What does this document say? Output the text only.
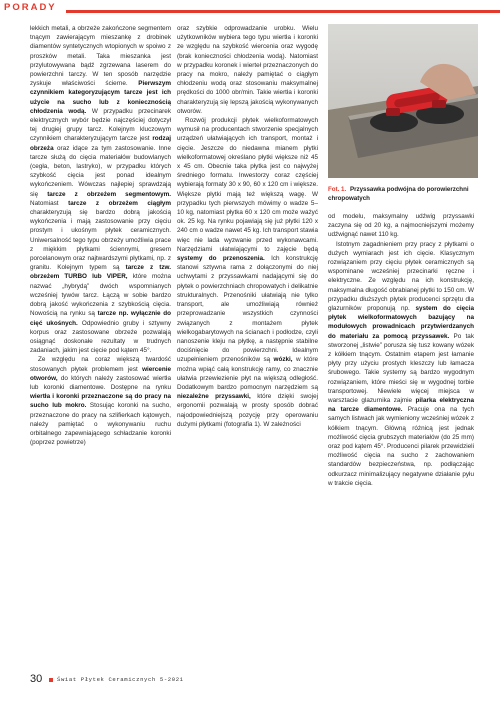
PORADY

lekkich metali, a obrzeże zakończone segmentem tnącym zawierającym mieszankę z drobinek diamentów syntetycznych wtopionych w spoiwo z proszków metali. Taka mieszanka jest przylutowywana bądź zgrzewana laserem do powierzchni tarczy. W ten sposób narzędzie zyskuje właściwości ścierne. Pierwszym czynnikiem kategoryzującym tarcze jest ich użycie na sucho lub z koniecznością chłodzenia wodą. W przypadku przecinarek elektrycznych wybór będzie najczęściej dotyczył tej drugiej grupy tarcz. Kolejnym kluczowym czynnikiem charakteryzującym tarcze jest rodzaj obrzeża oraz idące za tym zastosowanie. Inne tarcze służą do cięcia materiałów budowlanych (cegła, beton, lastryko), w przypadku których szybkość cięcia jest ponad idealnym wykończeniem. Wówczas najlepiej sprawdzają się tarcze z obrzeżem segmentowym. Natomiast tarcze z obrzeżem ciągłym charakteryzują się bardzo dobrą jakością wykończenia i mają zastosowanie przy cięciu prostym i ukośnym płytek ceramicznych. Uniwersalność tego typu obrzeży umożliwia prace z miękkim płytkami ściennymi, gresem porcelanowym oraz najtwardszymi płytkami, np. z granitu. Kolejnym typem są tarcze z tzw. obrzeżem TURBO lub VIPER, które można nazwać „hybrydą” dwóch wspomnianych wcześniej tywów tarcz. Łączą w sobie bardzo dobrą jakość wykończenia z szybkością cięcia. Nowością na rynku są tarcze np. wyłącznie do cięć ukośnych. Odpowiednio gruby i sztywny korpus oraz zastosowane obrzeże pozwalają osiągnąć doskonałe rezultaty w trudnych zadaniach, jakim jest cięcie pod kątem 45°.

Ze względu na coraz większą twardość stosowanych płytek problemem jest wiercenie otworów, do których należy zastosować wiertła lub koronki diamentowe. Dostępne na rynku wiertła i koronki przeznaczone są do pracy na sucho lub mokro. Stosując koronki na sucho, przeznaczone do pracy na szlifierkach kątowych, należy pamiętać o wykonywaniu ruchu orbitalnego zapewniającego schładzanie koronki (poprzez powietrze)

oraz szybkie odprowadzanie urobku. Wielu użytkowników wybiera tego typu wiertła i koronki ze względu na szybkość wiercenia oraz wygodę (brak konieczności chłodzenia wodą). Natomiast w przypadku koronek i wierteł przeznaczonych do pracy na mokro, należy pamiętać o ciągłym chłodzeniu wodą oraz stosowaniu maksymalnej prędkości do 1000 obr/min. Takie wiertła i koronki charakteryzują się lepszą jakością wykonywanych otworów.

Rozwój produkcji płytek wielkoformatowych wymusił na producentach stworzenie specjalnych urządzeń ułatwiających ich transport, montaż i cięcie. Jeszcze do niedawna mianem płytki wielkoformatowej określano płytki większe niż 45 x 45 cm. Obecnie taka płytka jest co najwyżej średniego formatu. Inwestorzy coraz częściej wybierają formaty 30 x 90, 60 x 120 cm i większe. Większe płytki mają też większą wagę. W przypadku tych pierwszych mówimy o wadze 5–10 kg, natomiast płytka 60 x 120 cm może ważyć ok. 25 kg. Na rynku pojawiają się już płytki 120 x 240 cm o wadze nawet 45 kg. Ich transport stawia więc nie lada wyzwanie przed wykonawcami. Narzędziami ułatwiającymi to zajęcie będą systemy do przenoszenia. Ich konstrukcję stanowi sztywna rama z dołączonymi do niej uchwytami z przyssawkami nadającymi się do płytek o powierzchniach chropowatych i delikatnie strukturalnych. Przenośniki ułatwiają nie tylko transport, ale umożliwiają również przeprowadzanie wszystkich czynności związanych z montażem płytek wielkogabarytowych na ścianach i podłodze, czyli nanoszenie kleju na płytkę, a następnie stabilne dociśnięcie do powierzchni. Idealnym uzupełnieniem przenośników są wózki, w które można wpiąć całą konstrukcję ramy, co znacznie ułatwia przewiezienie płyt na większą odległość. Dodatkowym bardzo pomocnym narzędziem są niezależne przyssawki, które dzięki swojej ergonomii pozwalają w prosty sposób dobrać najodpowiedniejszą pozycję przy operowaniu dużymi płytkami (fotografia 1). W zależności

Fot. 1. Przyssawka podwójna do porowierzchni chropowatych

od modelu, maksymalny udźwig przyssawki zaczyna się od 20 kg, a najmocniejszymi możemy udźwignąć nawet 110 kg.

Istotnym zagadnieniem przy pracy z płytkami o dużych wymiarach jest ich cięcie. Klasycznym rozwiązaniem przy cięciu płytek ceramicznych są wspominane wcześniej przecinarki ręczne i elektryczne. Ze względu na ich konstrukcję, maksymalna długość obrabianej płytki to 150 cm. W przypadku dłuższych płytek producenci sprzętu dla glazurników proponują np. system do cięcia płytek wielkoformatowych bazujący na modułowych prowadnicach przytwierdzanych do materiału za pomocą przyssawek. Po tak stworzonej „listwie” porusza się tusz kowany wózek z kółkiem tnącym. Ostatnim etapem jest łamanie płyty przy użyciu prostych kleszczy lub łamacza śrubowego. Takie systemy są bardzo wygodnym rozwiązaniem, które mieści się w wygodnej torbie transportowej. Niewiele więcej miejsca w warsztacie glazurnika zajmie pilarka elektryczna na tarcze diamentowe. Pracuje ona na tych samych listwach jak wymieniony wcześniej wózek z kółkiem tnącym. Główną różnicą jest jednak możliwość cięcia grubszych materiałów (do 25 mm) oraz pod kątem 45°. Producenci pilarek przewidzieli możliwość cięcia na sucho z zachowaniem standardów bezpieczeństwa, np. podłączając odkurzacz minimalizujący negatywne działanie pyłu w trakcie cięcia.

30	Świat Płytek Ceramicznych 5-2021
